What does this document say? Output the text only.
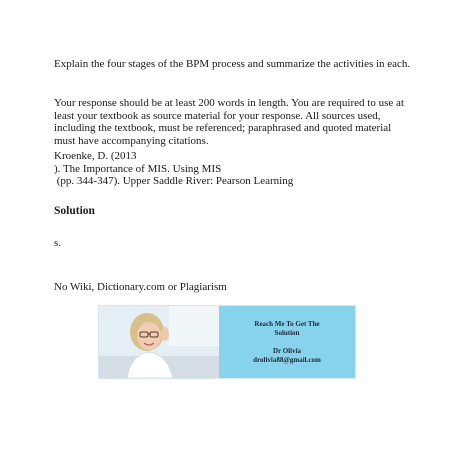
Explain the four stages of the BPM process and summarize the activities in each.

Your response should be at least 200 words in length. You are required to use at least your textbook as source material for your response. All sources used, including the textbook, must be referenced; paraphrased and quoted material must have accompanying citations.

Kroenke, D. (2013
). The Importance of MIS. Using MIS
(pp. 344-347). Upper Saddle River: Pearson Learning

Solution

s.

No Wiki, Dictionary.com or Plagiarism

Reach Me To Get The
Solution
Dr Olivia
drolivia88@gmail.com
